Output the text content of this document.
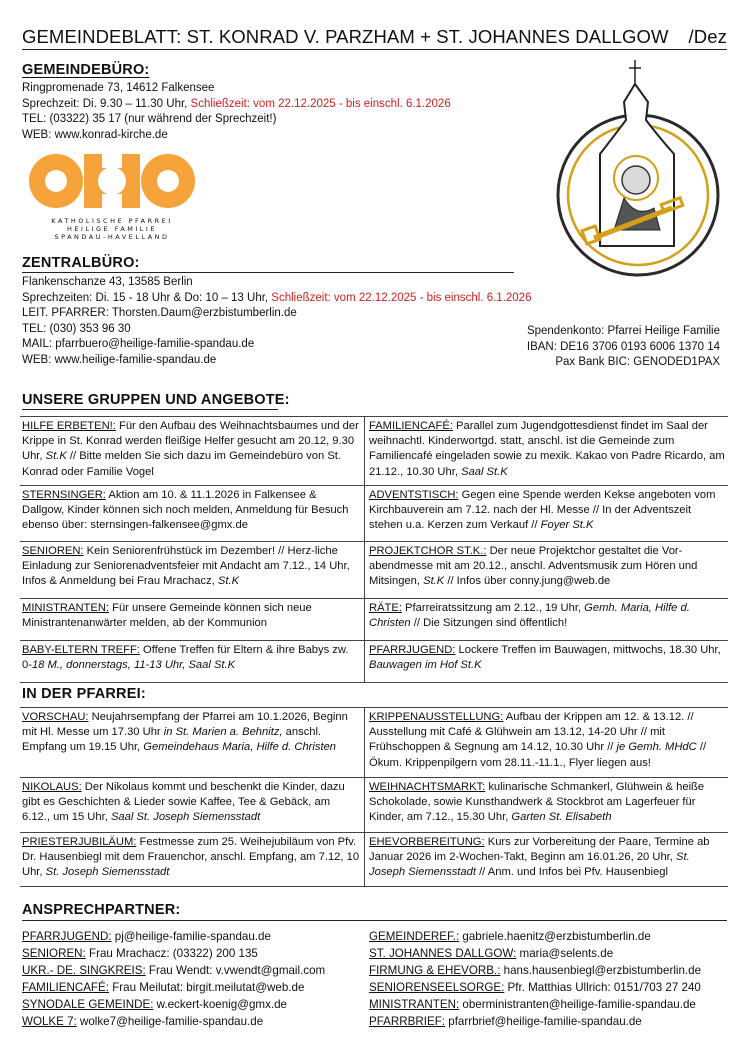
GEMEINDEBLATT: ST. KONRAD V. PARZHAM + ST. JOHANNES DALLGOW /Dez
GEMEINDEBÜRO:
Ringpromenade 73, 14612 Falkensee
Sprechzeit: Di. 9.30 – 11.30 Uhr, Schließzeit: vom 22.12.2025 - bis einschl. 6.1.2026
TEL: (03322) 35 17 (nur während der Sprechzeit!)
WEB: www.konrad-kirche.de
KATHOLISCHE PFARREI
HEILIGE FAMILIE
SPANDAU-HAVELLAND
ZENTRALBÜRO:
Flankenschanze 43, 13585 Berlin
Sprechzeiten: Di. 15 - 18 Uhr & Do: 10 – 13 Uhr, Schließzeit: vom 22.12.2025 - bis einschl. 6.1.2026
LEIT. PFARRER: Thorsten.Daum@erzbistumberlin.de
TEL: (030) 353 96 30
MAIL: pfarrbuero@heilige-familie-spandau.de
WEB: www.heilige-familie-spandau.de
Spendenkonto: Pfarrei Heilige Familie
IBAN: DE16 3706 0193 6006 1370 14
Pax Bank BIC: GENODED1PAX
UNSERE GRUPPEN UND ANGEBOTE:
HILFE ERBETEN!: Für den Aufbau des Weihnachtsbaumes und der Krippe in St. Konrad werden fleißige Helfer gesucht am 20.12, 9.30 Uhr, St.K // Bitte melden Sie sich dazu im Gemeindebüro von St. Konrad oder Familie Vogel
STERNSINGER: Aktion am 10. & 11.1.2026 in Falkensee & Dallgow, Kinder können sich noch melden, Anmeldung für Besuch ebenso über: sternsingen-falkensee@gmx.de
SENIOREN: Kein Seniorenfrühstück im Dezember! // Herz-liche Einladung zur Seniorenadventsfeier mit Andacht am 7.12., 14 Uhr, Infos & Anmeldung bei Frau Mrachacz, St.K
MINISTRANTEN: Für unsere Gemeinde können sich neue Ministrantenanwärter melden, ab der Kommunion
BABY-ELTERN TREFF: Offene Treffen für Eltern & ihre Babys zw. 0-18 M., donnerstags, 11-13 Uhr, Saal St.K
FAMILIENCAFÉ: Parallel zum Jugendgottesdienst findet im Saal der weihnachtl. Kinderwortgd. statt, anschl. ist die Gemeinde zum Familiencafé eingeladen sowie zu mexik. Kakao von Padre Ricardo, am 21.12., 10.30 Uhr, Saal St.K
ADVENTSTISCH: Gegen eine Spende werden Kekse angeboten vom Kirchbauverein am 7.12. nach der Hl. Messe // In der Adventszeit stehen u.a. Kerzen zum Verkauf // Foyer St.K
PROJEKTCHOR ST.K.: Der neue Projektchor gestaltet die Vor-abendmesse mit am 20.12., anschl. Adventsmusik zum Hören und Mitsingen, St.K // Infos über conny.jung@web.de
RÄTE: Pfarreiratssitzung am 2.12., 19 Uhr, Gemh. Maria, Hilfe d. Christen // Die Sitzungen sind öffentlich!
PFARRJUGEND: Lockere Treffen im Bauwagen, mittwochs, 18.30 Uhr, Bauwagen im Hof St.K
IN DER PFARREI:
VORSCHAU: Neujahrsempfang der Pfarrei am 10.1.2026, Beginn mit Hl. Messe um 17.30 Uhr in St. Marien a. Behnitz, anschl. Empfang um 19.15 Uhr, Gemeindehaus Maria, Hilfe d. Christen
NIKOLAUS: Der Nikolaus kommt und beschenkt die Kinder, dazu gibt es Geschichten & Lieder sowie Kaffee, Tee & Gebäck, am 6.12., um 15 Uhr, Saal St. Joseph Siemensstadt
PRIESTERJUBILÄUM: Festmesse zum 25. Weihejubiläum von Pfv. Dr. Hausenbiegl mit dem Frauenchor, anschl. Empfang, am 7.12, 10 Uhr, St. Joseph Siemensstadt
KRIPPENAUSSTELLUNG: Aufbau der Krippen am 12. & 13.12. // Ausstellung mit Café & Glühwein am 13.12, 14-20 Uhr // mit Frühschoppen & Segnung am 14.12, 10.30 Uhr // je Gemh. MHdC // Ökum. Krippenpilgern vom 28.11.-11.1., Flyer liegen aus!
WEIHNACHTSMARKT: kulinarische Schmankerl, Glühwein & heiße Schokolade, sowie Kunsthandwerk & Stockbrot am Lagerfeuer für Kinder, am 7.12., 15.30 Uhr, Garten St. Elisabeth
EHEVORBEREITUNG: Kurs zur Vorbereitung der Paare, Termine ab Januar 2026 im 2-Wochen-Takt, Beginn am 16.01.26, 20 Uhr, St. Joseph Siemensstadt // Anm. und Infos bei Pfv. Hausenbiegl
ANSPRECHPARTNER:
PFARRJUGEND: pj@heilige-familie-spandau.de
SENIOREN: Frau Mrachacz: (03322) 200 135
UKR.- DE. SINGKREIS: Frau Wendt: v.vwendt@gmail.com
FAMILIENCAFÉ: Frau Meilutat: birgit.meilutat@web.de
SYNODALE GEMEINDE: w.eckert-koenig@gmx.de
WOLKE 7: wolke7@heilige-familie-spandau.de
GEMEINDEREF.: gabriele.haenitz@erzbistumberlin.de
ST. JOHANNES DALLGOW: maria@selents.de
FIRMUNG & EHEVORB.: hans.hausenbiegl@erzbistumberlin.de
SENIORENSEELSORGE: Pfr. Matthias Ullrich: 0151/703 27 240
MINISTRANTEN: oberministranten@heilige-familie-spandau.de
PFARRBRIEF: pfarrbrief@heilige-familie-spandau.de
